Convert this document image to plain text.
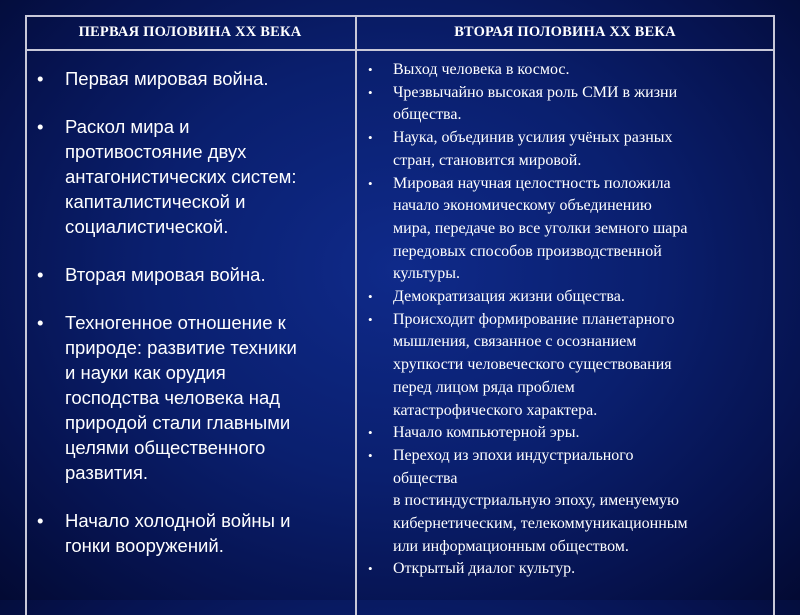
ПЕРВАЯ ПОЛОВИНА XX ВЕКА	ВТОРАЯ ПОЛОВИНА XX ВЕКА
• Первая мировая война.
• Раскол мира и
противостояние двух
антагонистических систем:
капиталистической и
социалистической.
• Вторая мировая война.
• Техногенное отношение к
природе: развитие техники
и науки как орудия
господства человека над
природой стали главными
целями общественного
развития.
• Начало холодной войны и
гонки вооружений.
• Выход человека в космос.
• Чрезвычайно высокая роль СМИ в жизни
общества.
• Наука, объединив усилия учёных разных
стран, становится мировой.
• Мировая научная целостность положила
начало экономическому объединению
мира, передаче во все уголки земного шара
передовых способов производственной
культуры.
• Демократизация жизни общества.
• Происходит формирование планетарного
мышления, связанное с осознанием
хрупкости человеческого существования
перед лицом ряда проблем
катастрофического характера.
• Начало компьютерной эры.
• Переход из эпохи индустриального
общества
в постиндустриальную эпоху, именуемую
кибернетическим, телекоммуникационным
или информационным обществом.
• Открытый диалог культур.
